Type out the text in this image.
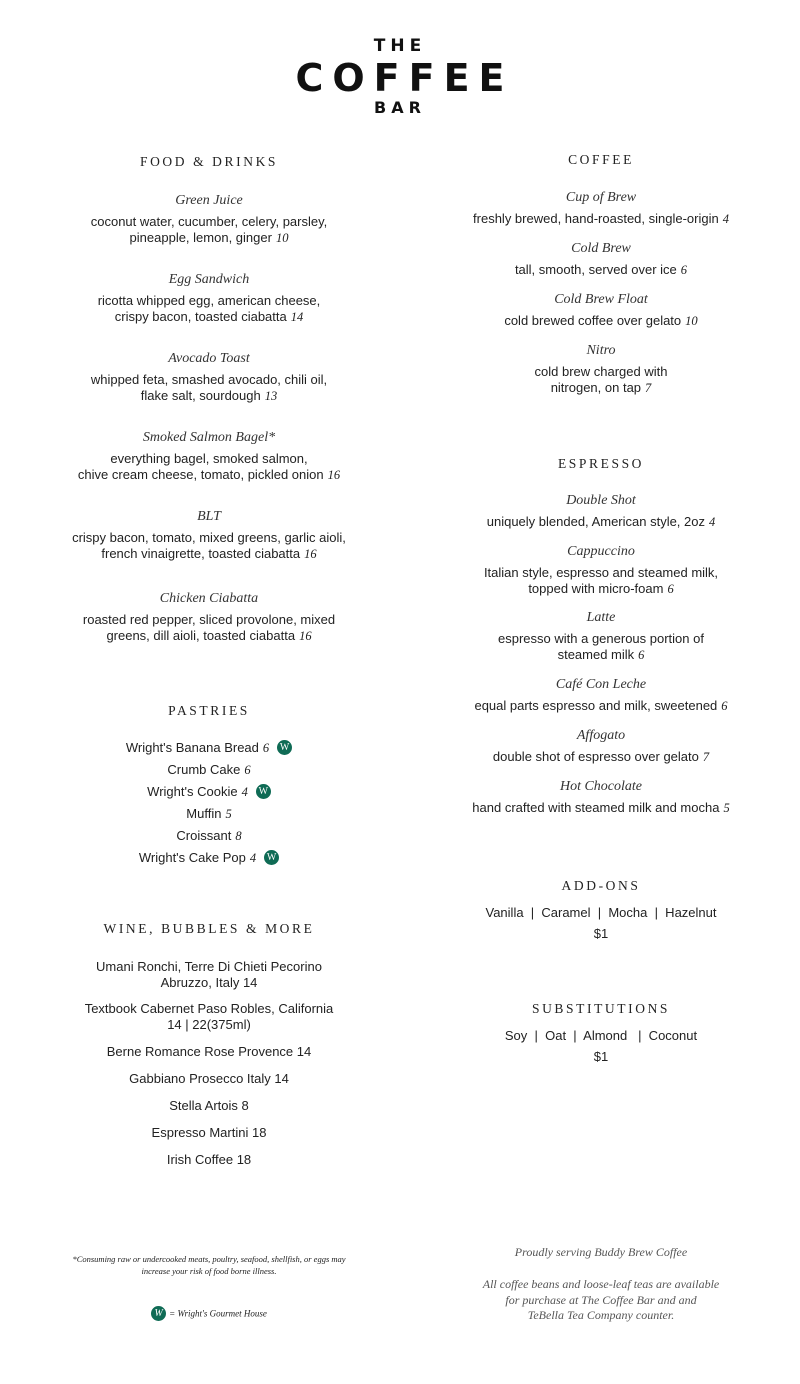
THE
COFFEE
BAR
FOOD & DRINKS
Green Juice
coconut water, cucumber, celery, parsley,
pineapple, lemon, ginger 10
Egg Sandwich
ricotta whipped egg, american cheese,
crispy bacon, toasted ciabatta 14
Avocado Toast
whipped feta, smashed avocado, chili oil,
flake salt, sourdough 13
Smoked Salmon Bagel*
everything bagel, smoked salmon,
chive cream cheese, tomato, pickled onion 16
BLT
crispy bacon, tomato, mixed greens, garlic aioli,
french vinaigrette, toasted ciabatta 16
Chicken Ciabatta
roasted red pepper, sliced provolone, mixed
greens, dill aioli, toasted ciabatta 16
PASTRIES
Wright's Banana Bread 6 W
Crumb Cake 6
Wright's Cookie 4 W
Muffin 5
Croissant 8
Wright's Cake Pop 4 W
WINE, BUBBLES & MORE
Umani Ronchi, Terre Di Chieti Pecorino
Abruzzo, Italy 14
Textbook Cabernet Paso Robles, California
14 | 22(375ml)
Berne Romance Rose Provence 14
Gabbiano Prosecco Italy 14
Stella Artois 8
Espresso Martini 18
Irish Coffee 18
COFFEE
Cup of Brew
freshly brewed, hand-roasted, single-origin 4
Cold Brew
tall, smooth, served over ice 6
Cold Brew Float
cold brewed coffee over gelato 10
Nitro
cold brew charged with
nitrogen, on tap 7
ESPRESSO
Double Shot
uniquely blended, American style, 2oz 4
Cappuccino
Italian style, espresso and steamed milk,
topped with micro-foam 6
Latte
espresso with a generous portion of
steamed milk 6
Café Con Leche
equal parts espresso and milk, sweetened 6
Affogato
double shot of espresso over gelato 7
Hot Chocolate
hand crafted with steamed milk and mocha 5
ADD-ONS
Vanilla  |  Caramel  |  Mocha  |  Hazelnut
$1
SUBSTITUTIONS
Soy  |  Oat  |  Almond   |  Coconut
$1
*Consuming raw or undercooked meats, poultry, seafood, shellfish, or eggs may
increase your risk of food borne illness.
W = Wright's Gourmet House
Proudly serving Buddy Brew Coffee
All coffee beans and loose-leaf teas are available
for purchase at The Coffee Bar and and
TeBella Tea Company counter.
